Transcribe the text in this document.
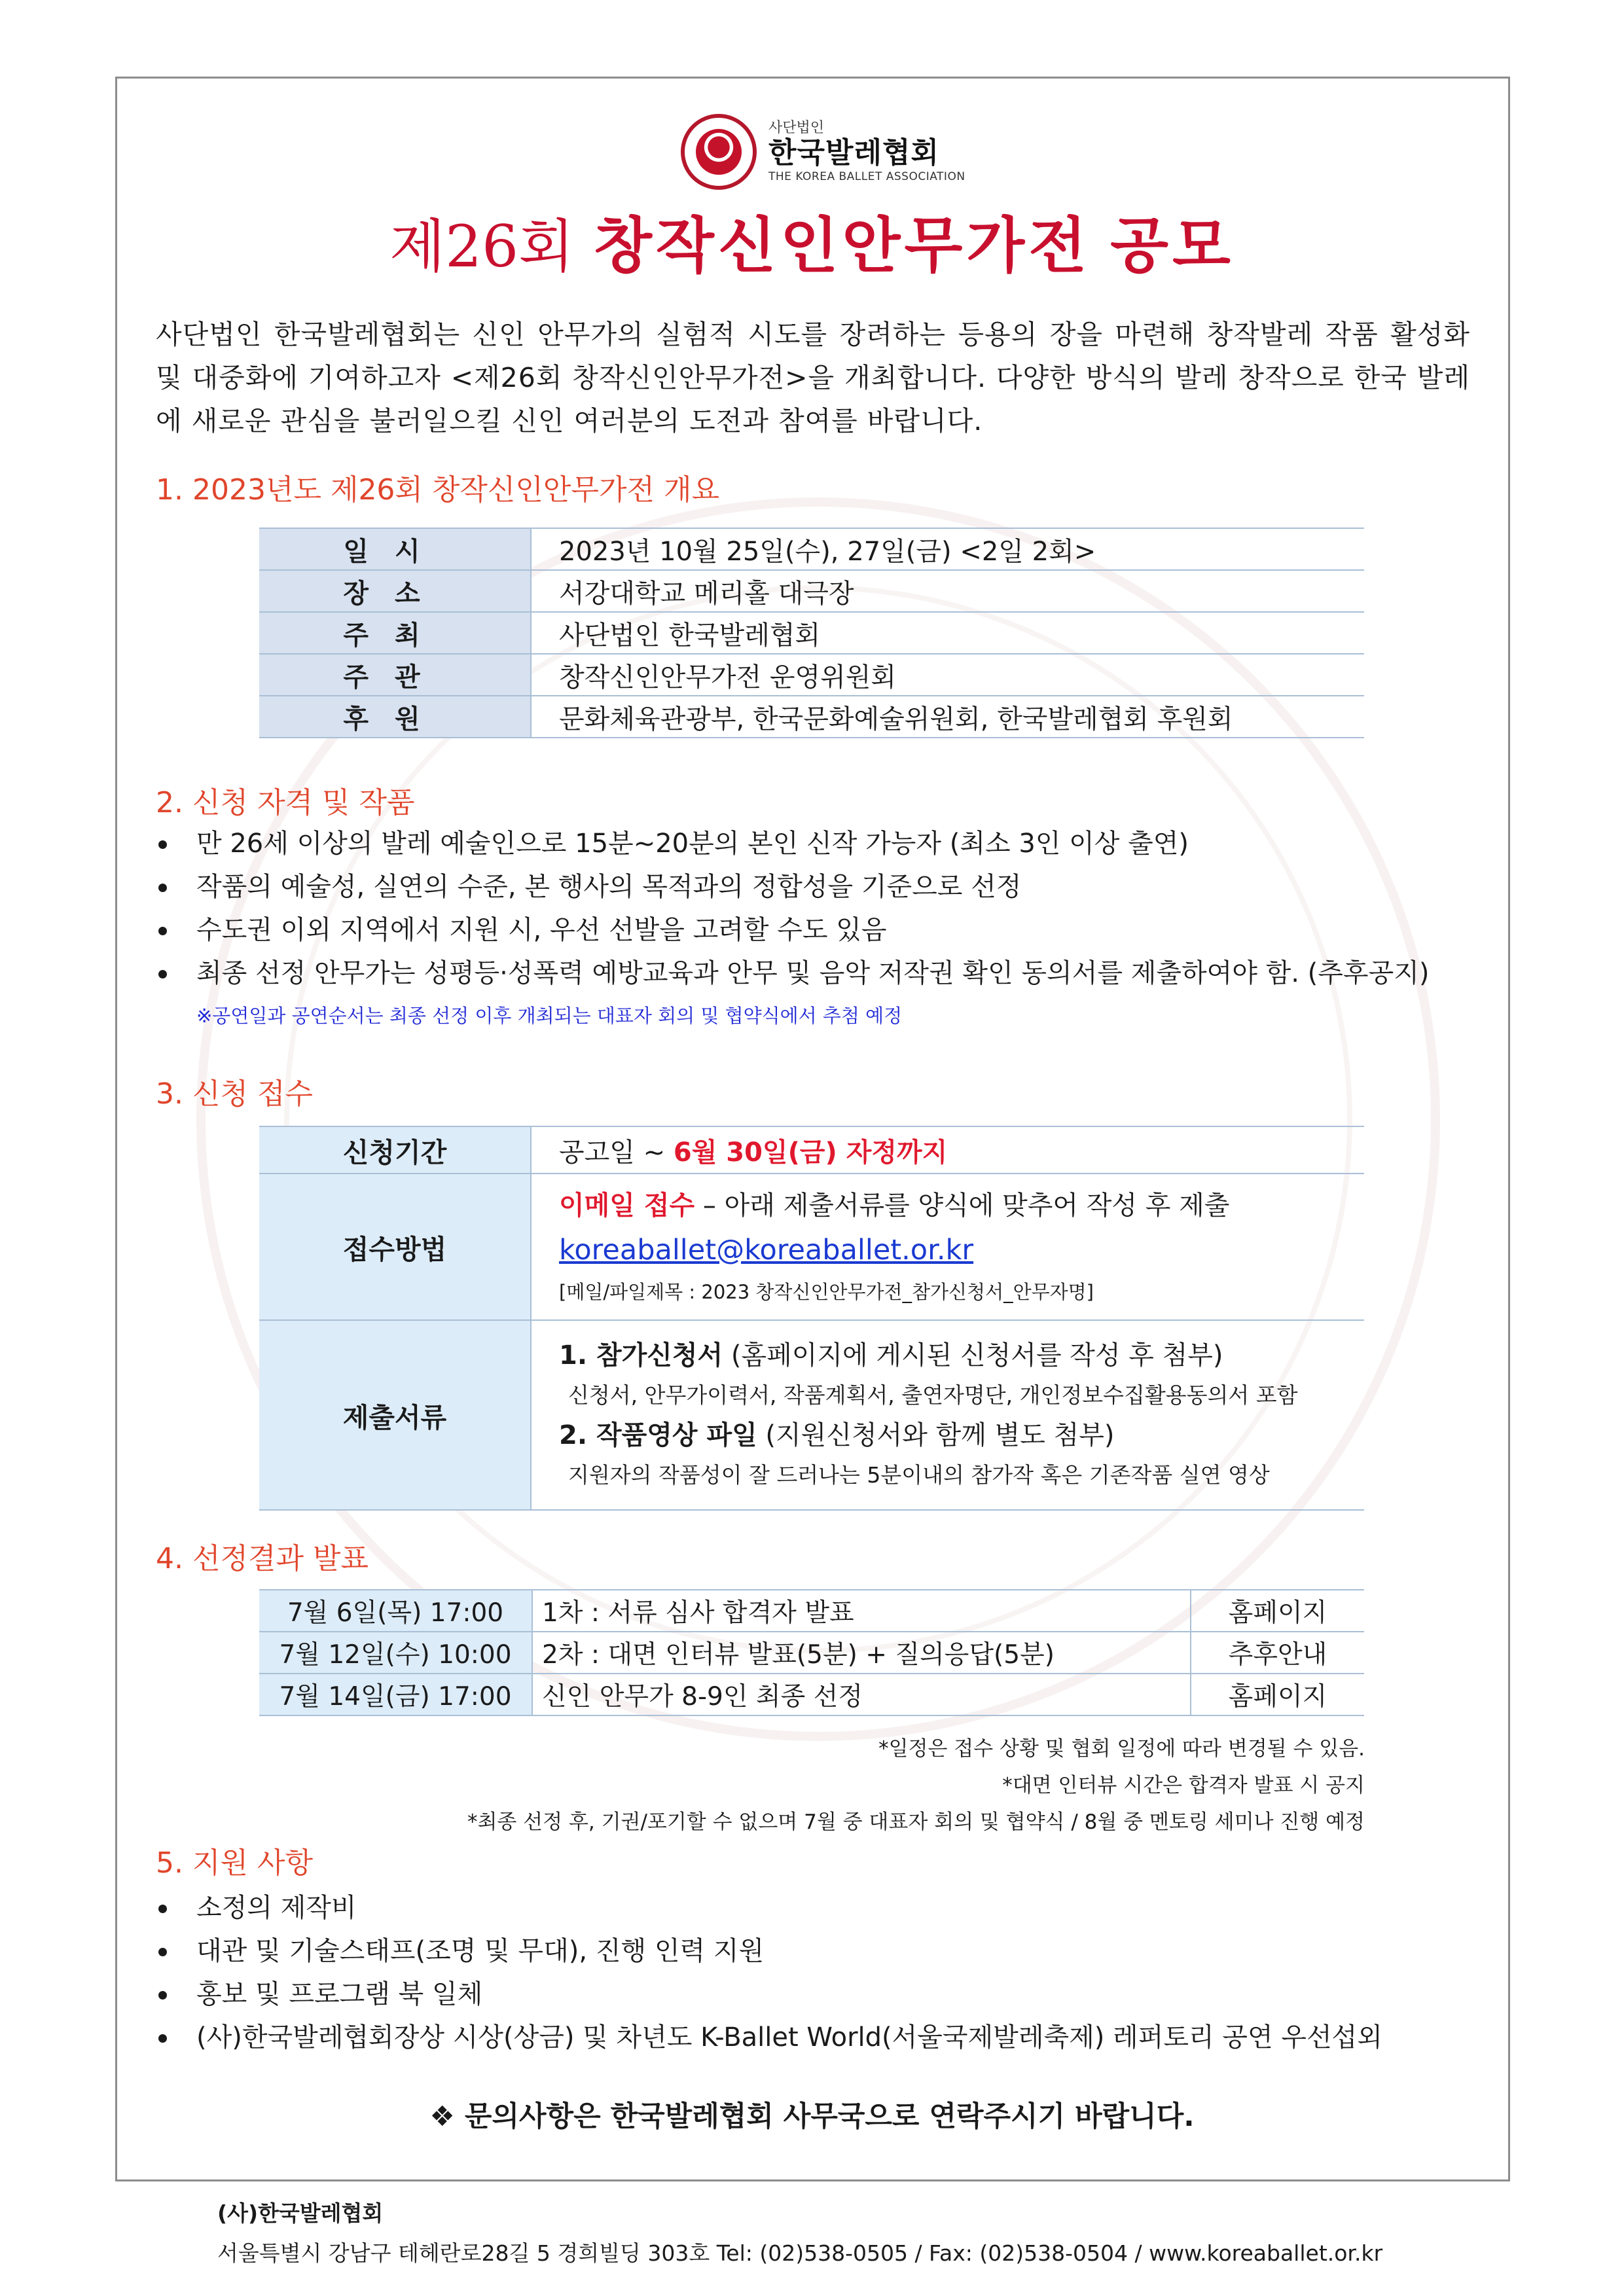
사단법인
한국발레협회
THE KOREA BALLET ASSOCIATION
제26회 창작신인안무가전 공모
사단법인 한국발레협회는 신인 안무가의 실험적 시도를 장려하는 등용의 장을 마련해 창작발레 작품 활성화 및 대중화에 기여하고자 <제26회 창작신인안무가전>을 개최합니다. 다양한 방식의 발레 창작으로 한국 발레에 새로운 관심을 불러일으킬 신인 여러분의 도전과 참여를 바랍니다.
1. 2023년도 제26회 창작신인안무가전 개요
일시	2023년 10월 25일(수), 27일(금) <2일 2회>
장소	서강대학교 메리홀 대극장
주최	사단법인 한국발레협회
주관	창작신인안무가전 운영위원회
후원	문화체육관광부, 한국문화예술위원회, 한국발레협회 후원회
2. 신청 자격 및 작품
만 26세 이상의 발레 예술인으로 15분~20분의 본인 신작 가능자 (최소 3인 이상 출연)
작품의 예술성, 실연의 수준, 본 행사의 목적과의 정합성을 기준으로 선정
수도권 이외 지역에서 지원 시, 우선 선발을 고려할 수도 있음
최종 선정 안무가는 성평등·성폭력 예방교육과 안무 및 음악 저작권 확인 동의서를 제출하여야 함. (추후공지)
※공연일과 공연순서는 최종 선정 이후 개최되는 대표자 회의 및 협약식에서 추첨 예정
3. 신청 접수
신청기간	공고일 ~ 6월 30일(금) 자정까지
접수방법	이메일 접수 – 아래 제출서류를 양식에 맞추어 작성 후 제출
koreaballet@koreaballet.or.kr
[메일/파일제목 : 2023 창작신인안무가전_참가신청서_안무자명]

제출서류	1. 참가신청서 (홈페이지에 게시된 신청서를 작성 후 첨부)
신청서, 안무가이력서, 작품계획서, 출연자명단, 개인정보수집활용동의서 포함
2. 작품영상 파일 (지원신청서와 함께 별도 첨부)
지원자의 작품성이 잘 드러나는 5분이내의 참가작 혹은 기존작품 실연 영상
4. 선정결과 발표
7월 6일(목) 17:00	1차 : 서류 심사 합격자 발표	홈페이지
7월 12일(수) 10:00	2차 : 대면 인터뷰 발표(5분) + 질의응답(5분)	추후안내
7월 14일(금) 17:00	신인 안무가 8-9인 최종 선정	홈페이지
*일정은 접수 상황 및 협회 일정에 따라 변경될 수 있음.
*대면 인터뷰 시간은 합격자 발표 시 공지
*최종 선정 후, 기권/포기할 수 없으며 7월 중 대표자 회의 및 협약식 / 8월 중 멘토링 세미나 진행 예정
5. 지원 사항
소정의 제작비
대관 및 기술스태프(조명 및 무대), 진행 인력 지원
홍보 및 프로그램 북 일체
(사)한국발레협회장상 시상(상금) 및 차년도 K-Ballet World(서울국제발레축제) 레퍼토리 공연 우선섭외
❖ 문의사항은 한국발레협회 사무국으로 연락주시기 바랍니다.
(사)한국발레협회
서울특별시 강남구 테헤란로28길 5 경희빌딩 303호 Tel: (02)538-0505 / Fax: (02)538-0504 / www.koreaballet.or.kr
